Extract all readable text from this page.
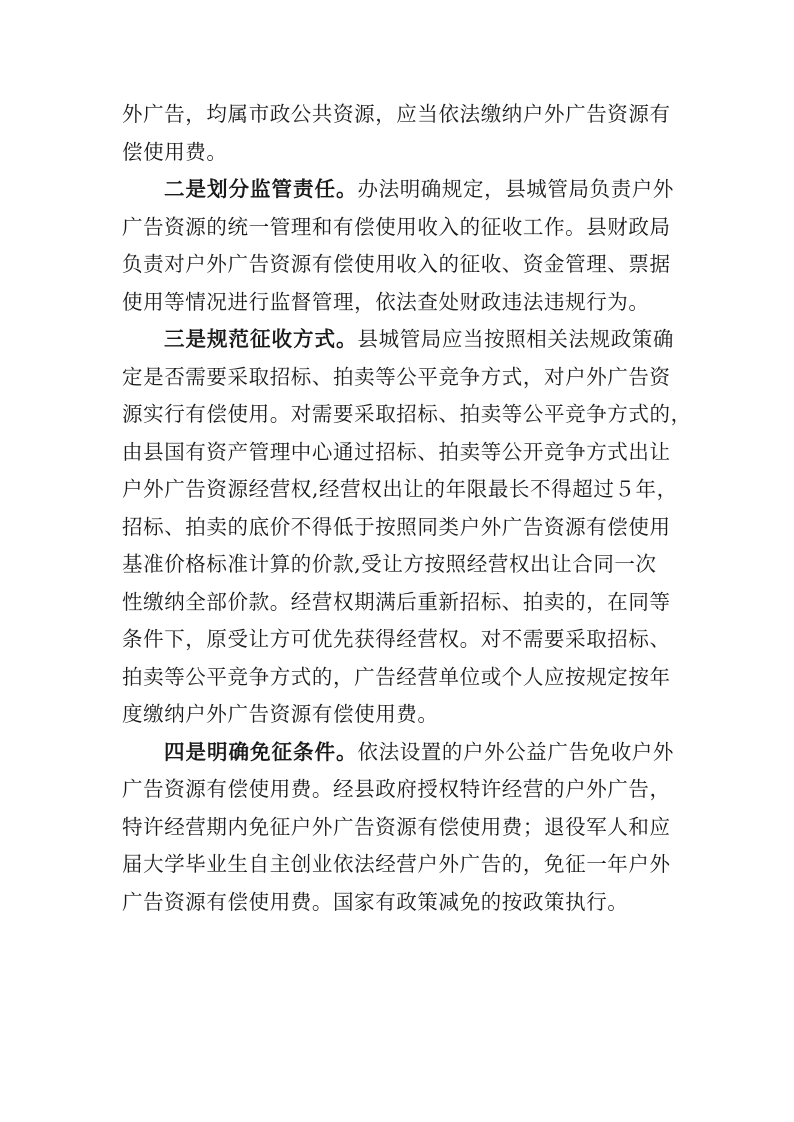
外广告，均属市政公共资源，应当依法缴纳户外广告资源有
偿使用费。
二是划分监管责任。办法明确规定，县城管局负责户外
广告资源的统一管理和有偿使用收入的征收工作。县财政局
负责对户外广告资源有偿使用收入的征收、资金管理、票据
使用等情况进行监督管理，依法查处财政违法违规行为。
三是规范征收方式。县城管局应当按照相关法规政策确
定是否需要采取招标、拍卖等公平竞争方式，对户外广告资
源实行有偿使用。对需要采取招标、拍卖等公平竞争方式的，
由县国有资产管理中心通过招标、拍卖等公开竞争方式出让
户外广告资源经营权,经营权出让的年限最长不得超过５年，
招标、拍卖的底价不得低于按照同类户外广告资源有偿使用
基准价格标准计算的价款,受让方按照经营权出让合同一次
性缴纳全部价款。经营权期满后重新招标、拍卖的，在同等
条件下，原受让方可优先获得经营权。对不需要采取招标、
拍卖等公平竞争方式的，广告经营单位或个人应按规定按年
度缴纳户外广告资源有偿使用费。
四是明确免征条件。依法设置的户外公益广告免收户外
广告资源有偿使用费。经县政府授权特许经营的户外广告，
特许经营期内免征户外广告资源有偿使用费；退役军人和应
届大学毕业生自主创业依法经营户外广告的，免征一年户外
广告资源有偿使用费。国家有政策减免的按政策执行。
